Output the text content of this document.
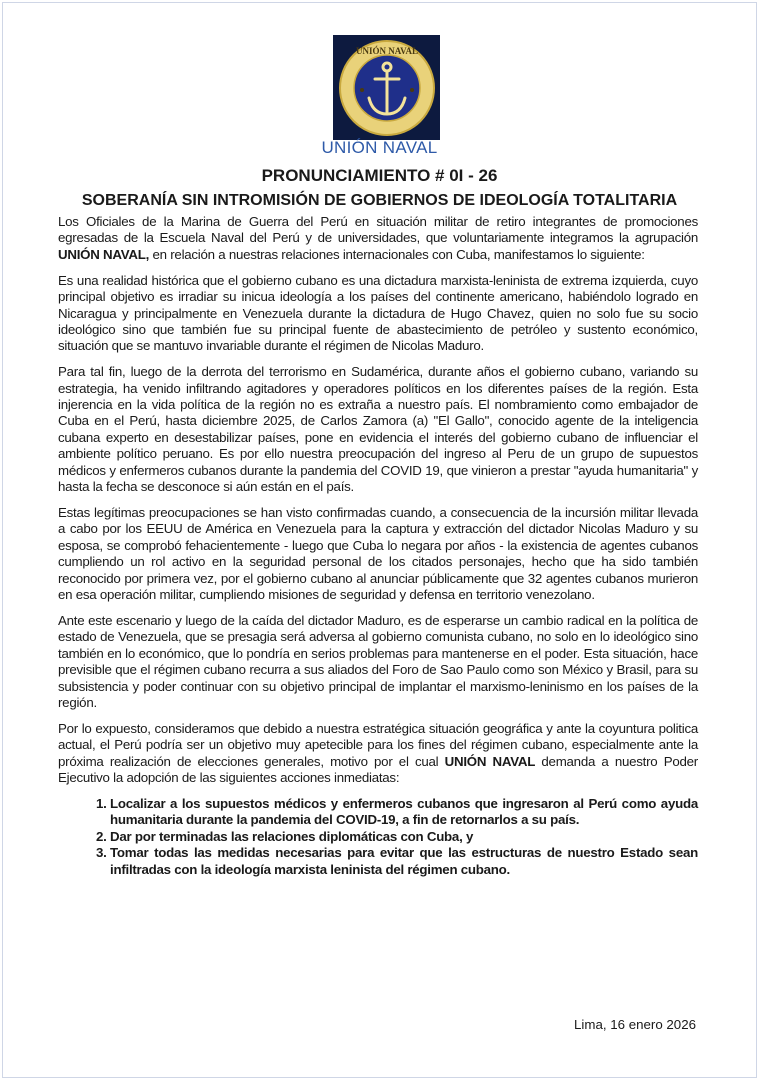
UNIÓN NAVAL
UNIÓN NAVAL
PRONUNCIAMIENTO # 0I - 26
SOBERANÍA SIN INTROMISIÓN DE GOBIERNOS DE IDEOLOGÍA TOTALITARIA

Los Oficiales de la Marina de Guerra del Perú en situación militar de retiro integrantes de promociones egresadas de la Escuela Naval del Perú y de universidades, que voluntariamente integramos la agrupación UNIÓN NAVAL, en relación a nuestras relaciones internacionales con Cuba, manifestamos lo siguiente:

Es una realidad histórica que el gobierno cubano es una dictadura marxista-leninista de extrema izquierda, cuyo principal objetivo es irradiar su inicua ideología a los países del continente americano, habiéndolo logrado en Nicaragua y principalmente en Venezuela durante la dictadura de Hugo Chavez, quien no solo fue su socio ideológico sino que también fue su principal fuente de abastecimiento de petróleo y sustento económico, situación que se mantuvo invariable durante el régimen de Nicolas Maduro.

Para tal fin, luego de la derrota del terrorismo en Sudamérica, durante años el gobierno cubano, variando su estrategia, ha venido infiltrando agitadores y operadores políticos en los diferentes países de la región. Esta injerencia en la vida política de la región no es extraña a nuestro país. El nombramiento como embajador de Cuba en el Perú, hasta diciembre 2025, de Carlos Zamora (a) "El Gallo", conocido agente de la inteligencia cubana experto en desestabilizar países, pone en evidencia el interés del gobierno cubano de influenciar el ambiente político peruano. Es por ello nuestra preocupación del ingreso al Peru de un grupo de supuestos médicos y enfermeros cubanos durante la pandemia del COVID 19, que vinieron a prestar "ayuda humanitaria" y hasta la fecha se desconoce si aún están en el país.

Estas legítimas preocupaciones se han visto confirmadas cuando, a consecuencia de la incursión militar llevada a cabo por los EEUU de América en Venezuela para la captura y extracción del dictador Nicolas Maduro y su esposa, se comprobó fehacientemente - luego que Cuba lo negara por años - la existencia de agentes cubanos cumpliendo un rol activo en la seguridad personal de los citados personajes, hecho que ha sido también reconocido por primera vez, por el gobierno cubano al anunciar públicamente que 32 agentes cubanos murieron en esa operación militar, cumpliendo misiones de seguridad y defensa en territorio venezolano.

Ante este escenario y luego de la caída del dictador Maduro, es de esperarse un cambio radical en la política de estado de Venezuela, que se presagia será adversa al gobierno comunista cubano, no solo en lo ideológico sino también en lo económico, que lo pondría en serios problemas para mantenerse en el poder. Esta situación, hace previsible que el régimen cubano recurra a sus aliados del Foro de Sao Paulo como son México y Brasil, para su subsistencia y poder continuar con su objetivo principal de implantar el marxismo-leninismo en los países de la región.

Por lo expuesto, consideramos que debido a nuestra estratégica situación geográfica y ante la coyuntura politica actual, el Perú podría ser un objetivo muy apetecible para los fines del régimen cubano, especialmente ante la próxima realización de elecciones generales, motivo por el cual UNIÓN NAVAL demanda a nuestro Poder Ejecutivo la adopción de las siguientes acciones inmediatas:

1. Localizar a los supuestos médicos y enfermeros cubanos que ingresaron al Perú como ayuda humanitaria durante la pandemia del COVID-19, a fin de retornarlos a su país.
2. Dar por terminadas las relaciones diplomáticas con Cuba, y
3. Tomar todas las medidas necesarias para evitar que las estructuras de nuestro Estado sean infiltradas con la ideología marxista leninista del régimen cubano.
Lima, 16 enero 2026
